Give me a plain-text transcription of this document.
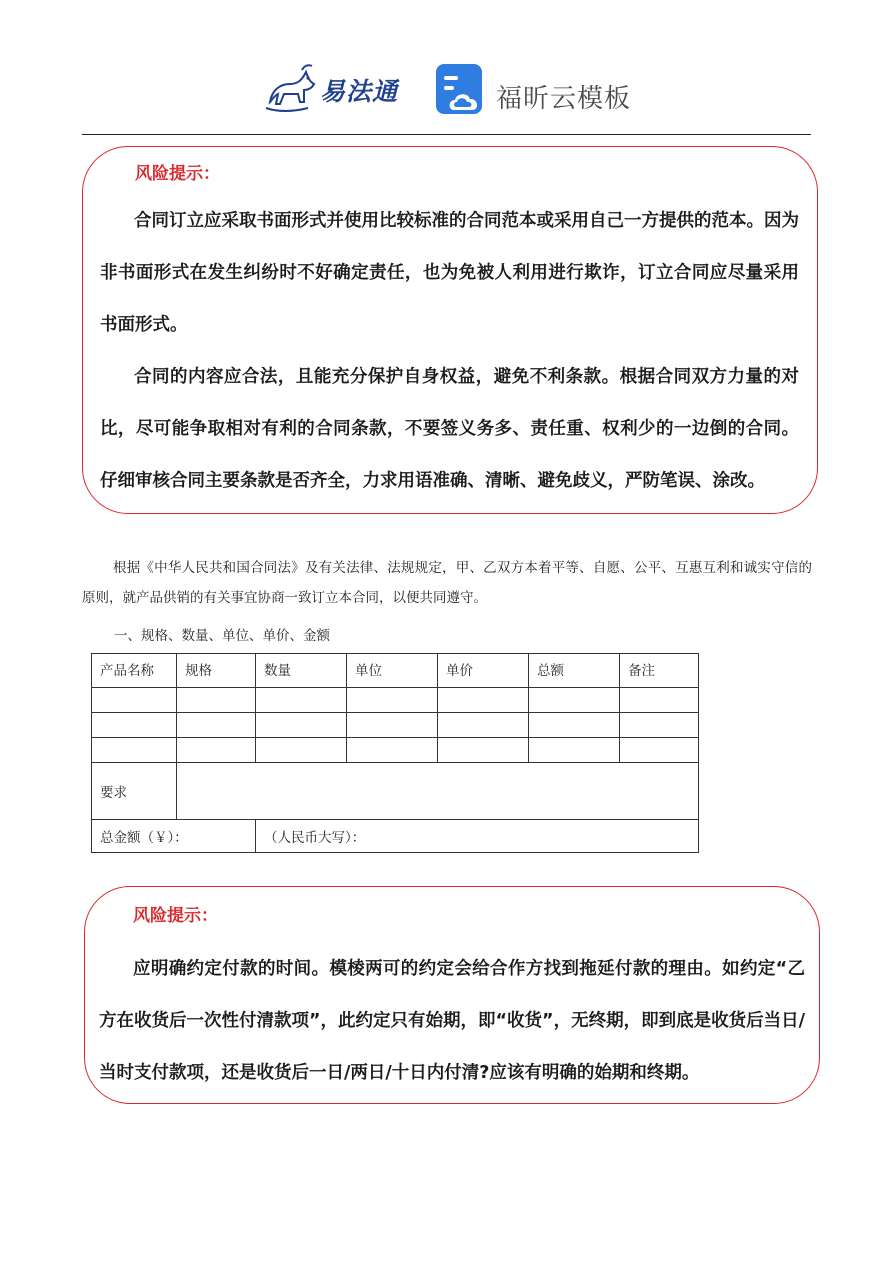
易法通	福昕云模板
风险提示：
合同订立应采取书面形式并使用比较标准的合同范本或采用自己一方提供的范本。因为非书面形式在发生纠纷时不好确定责任，也为免被人利用进行欺诈，订立合同应尽量采用书面形式。
合同的内容应合法，且能充分保护自身权益，避免不利条款。根据合同双方力量的对比，尽可能争取相对有利的合同条款，不要签义务多、责任重、权利少的一边倒的合同。仔细审核合同主要条款是否齐全，力求用语准确、清晰、避免歧义，严防笔误、涂改。
根据《中华人民共和国合同法》及有关法律、法规规定，甲、乙双方本着平等、自愿、公平、互惠互利和诚实守信的原则，就产品供销的有关事宜协商一致订立本合同，以便共同遵守。
一、规格、数量、单位、单价、金额
产品名称	规格	数量	单位	单价	总额	备注

要求						
总金额（￥）：		（人民币大写）：				
风险提示：
应明确约定付款的时间。模棱两可的约定会给合作方找到拖延付款的理由。如约定“乙方在收货后一次性付清款项”，此约定只有始期，即“收货”，无终期，即到底是收货后当日/当时支付款项，还是收货后一日/两日/十日内付清?应该有明确的始期和终期。
